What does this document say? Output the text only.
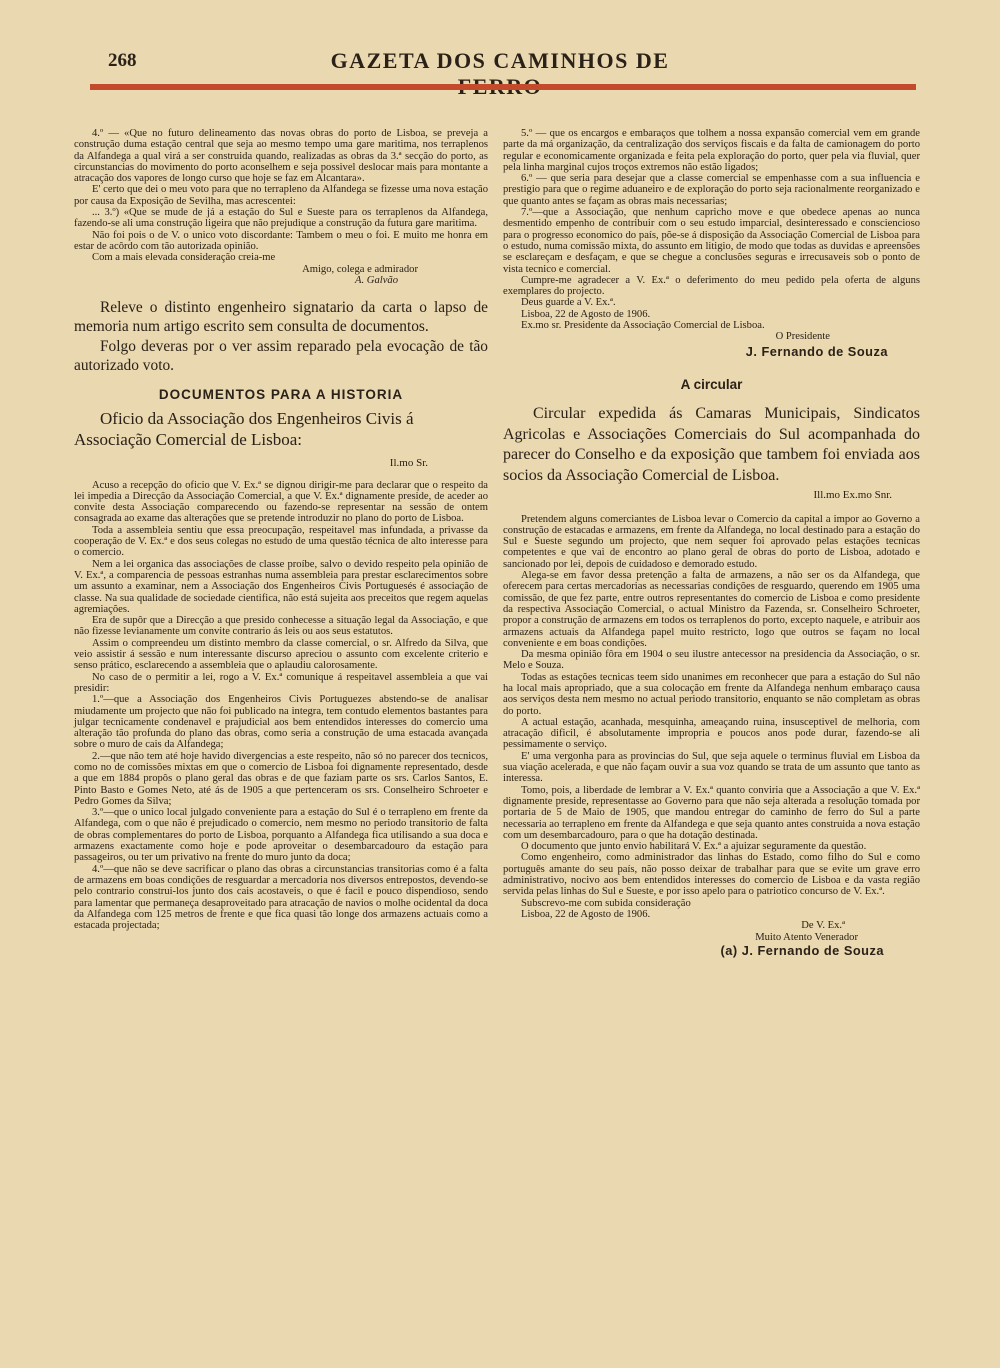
268	GAZETA DOS CAMINHOS DE

4.º — «Que no futuro delineamento das novas obras do porto de Lisboa, se preveja a construção duma estação central que seja ao mesmo tempo uma gare maritima, nos terraplenos da Alfandega a qual virá a ser construida quando, realizadas as obras da 3.ª secção do porto, as circunstancias do movimento do porto aconselhem e seja possivel deslocar mais para montante a atracação dos vapores de longo curso que hoje se faz em Alcantara».

E' certo que dei o meu voto para que no terrapleno da Alfandega se fizesse uma nova estação por causa da Exposição de Sevilha, mas acrescentei:

... 3.º) «Que se mude de já a estação do Sul e Sueste para os terraplenos da Alfandega, fazendo-se ali uma construção ligeira que não prejudique a construção da futura gare maritima.

Não foi pois o de V. o unico voto discordante: Tambem o meu o foi. E muito me honra em estar de acôrdo com tão autorizada opinião.

Com a mais elevada consideração creia-me

Amigo, colega e admirador

A. Galvão

Releve o distinto engenheiro signatario da carta o lapso de memoria num artigo escrito sem consulta de documentos.

Folgo deveras por o ver assim reparado pela evocação de tão autorizado voto.

DOCUMENTOS PARA A HISTORIA
Oficio da Associação dos Engenheiros Civis á Associação Comercial de Lisboa:
Il.mo Sr.

Acuso a recepção do oficio que V. Ex.ª se dignou dirigir-me para declarar que o respeito da lei impedia a Direcção da Associação Comercial, a que V. Ex.ª dignamente preside, de aceder ao convite desta Associação comparecendo ou fazendo-se representar na sessão de ontem consagrada ao exame das alterações que se pretende introduzir no plano do porto de Lisboa.

Toda a assembleia sentiu que essa preocupação, respeitavel mas infundada, a privasse da cooperação de V. Ex.ª e dos seus colegas no estudo de uma questão técnica de alto interesse para o comercio.

Nem a lei organica das associações de classe proíbe, salvo o devido respeito pela opinião de V. Ex.ª, a comparencia de pessoas estranhas numa assembleia para prestar esclarecimentos sobre um assunto a examinar, nem a Associação dos Engenheiros Civis Portuguesés é associação de classe. Na sua qualidade de sociedade cientifica, não está sujeita aos preceitos que regem aquelas agremiações.

Era de supôr que a Direcção a que presido conhecesse a situação legal da Associação, e que não fizesse levianamente um convite contrario ás leis ou aos seus estatutos.

Assim o compreendeu um distinto membro da classe comercial, o sr. Alfredo da Silva, que veio assistir á sessão e num interessante discurso apreciou o assunto com excelente criterio e senso prático, esclarecendo a assembleia que o aplaudiu calorosamente.

No caso de o permitir a lei, rogo a V. Ex.ª comunique á respeitavel assembleia a que vai presidir:

1.º—que a Associação dos Engenheiros Civis Portuguezes abstendo-se de analisar miudamente um projecto que não foi publicado na integra, tem contudo elementos bastantes para julgar tecnicamente condenavel e prajudicial aos bem entendidos interesses do comercio uma alteração tão profunda do plano das obras, como seria a construção de uma estacada avançada sobre o muro de cais da Alfandega;

2.—que não tem até hoje havido divergencias a este respeito, não só no parecer dos tecnicos, como no de comissões mixtas em que o comercio de Lisboa foi dignamente representado, desde a que em 1884 propôs o plano geral das obras e de que faziam parte os srs. Carlos Santos, E. Pinto Basto e Gomes Neto, até ás de 1905 a que pertenceram os srs. Conselheiro Schroeter e Pedro Gomes da Silva;

3.º—que o unico local julgado conveniente para a estação do Sul é o terrapleno em frente da Alfandega, com o que não é prejudicado o comercio, nem mesmo no periodo transitorio de falta de obras complementares do porto de Lisboa, porquanto a Alfandega fica utilisando a sua doca e armazens exactamente como hoje e pode aproveitar o desembarcadouro da estação para passageiros, ou ter um privativo na frente do muro junto da doca;

4.º—que não se deve sacrificar o plano das obras a circunstancias transitorias como é a falta de armazens em boas condições de resguardar a mercadoria nos diversos entrepostos, devendo-se pelo contrario construi-los junto dos cais acostaveis, o que é facil e pouco dispendioso, sendo para lamentar que permaneça desaproveitado para atracação de navios o molhe ocidental da doca da Alfandega com 125 metros de frente e que fica quasi tão longe dos armazens actuais como a estacada projectada;

5.º — que os encargos e embaraços que tolhem a nossa expansão comercial vem em grande parte da má organização, da centralização dos serviços fiscais e da falta de camionagem do porto regular e economicamente organizada e feita pela exploração do porto, quer pela via fluvial, quer pela linha marginal cujos troços extremos não estão ligados;

6.º — que seria para desejar que a classe comercial se empenhasse com a sua influencia e prestigio para que o regime aduaneiro e de exploração do porto seja racionalmente reorganizado e que quanto antes se façam as obras mais necessarias;

7.º—que a Associação, que nenhum capricho move e que obedece apenas ao nunca desmentido empenho de contribuir com o seu estudo imparcial, desinteressado e consciencioso para o progresso economico do país, põe-se á disposição da Associação Comercial de Lisboa para o estudo, numa comissão mixta, do assunto em litigio, de modo que todas as duvidas e apreensões se esclareçam e desfaçam, e que se chegue a conclusões seguras e irrecusaveis sob o ponto de vista tecnico e comercial.

Cumpre-me agradecer a V. Ex.ª o deferimento do meu pedido pela oferta de alguns exemplares do projecto.

Deus guarde a V. Ex.ª.

Lisboa, 22 de Agosto de 1906.

Ex.mo sr. Presidente da Associação Comercial de Lisboa.

O Presidente

J. Fernando de Souza
A circular
Circular expedida ás Camaras Municipais, Sindicatos Agricolas e Associações Comerciais do Sul acompanhada do parecer do Conselho e da exposição que tambem foi enviada aos socios da Associação Comercial de Lisboa.
Ill.mo Ex.mo Snr.

Pretendem alguns comerciantes de Lisboa levar o Comercio da capital a impor ao Governo a construção de estacadas e armazens, em frente da Alfandega, no local destinado para a estação do Sul e Sueste segundo um projecto, que nem sequer foi aprovado pelas estações tecnicas competentes e que vai de encontro ao plano geral de obras do porto de Lisboa, adotado e sancionado por lei, depois de cuidadoso e demorado estudo.

Alega-se em favor dessa pretenção a falta de armazens, a não ser os da Alfandega, que oferecem para certas mercadorias as necessarias condições de resguardo, querendo em 1905 uma comissão, de que fez parte, entre outros representantes do comercio de Lisboa e como presidente da respectiva Associação Comercial, o actual Ministro da Fazenda, sr. Conselheiro Schroeter, propor a construção de armazens em todos os terraplenos do porto, excepto naquele, e atribuir aos armazens actuais da Alfandega papel muito restricto, logo que outros se façam no local conveniente e em boas condições.

Da mesma opinião fôra em 1904 o seu ilustre antecessor na presidencia da Associação, o sr. Melo e Souza.

Todas as estações tecnicas teem sido unanimes em reconhecer que para a estação do Sul não ha local mais apropriado, que a sua colocação em frente da Alfandega nenhum embaraço causa aos serviços desta nem mesmo no actual periodo transitorio, enquanto se não completam as obras do porto.

A actual estação, acanhada, mesquinha, ameaçando ruina, insusceptivel de melhoria, com atracação dificil, é absolutamente impropria e poucos anos pode durar, fazendo-se ali pessimamente o serviço.

E' uma vergonha para as provincias do Sul, que seja aquele o terminus fluvial em Lisboa da sua viação acelerada, e que não façam ouvir a sua voz quando se trata de um assunto que tanto as interessa.

Tomo, pois, a liberdade de lembrar a V. Ex.ª quanto conviria que a Associação a que V. Ex.ª dignamente preside, representasse ao Governo para que não seja alterada a resolução tomada por portaria de 5 de Maio de 1905, que mandou entregar do caminho de ferro do Sul a parte necessaria ao terrapleno em frente da Alfandega e que seja quanto antes construida a nova estação com um desembarcadouro, para o que ha dotação destinada.

O documento que junto envio habilitará V. Ex.ª a ajuizar seguramente da questão.

Como engenheiro, como administrador das linhas do Estado, como filho do Sul e como português amante do seu país, não posso deixar de trabalhar para que se evite um grave erro administrativo, nocivo aos bem entendidos interesses do comercio de Lisboa e da vasta região servida pelas linhas do Sul e Sueste, e por isso apelo para o patriotico concurso de V. Ex.ª.

Subscrevo-me com subida consideração

Lisboa, 22 de Agosto de 1906.

De V. Ex.ª

Muito Atento Venerador

(a) J. Fernando de Souza
